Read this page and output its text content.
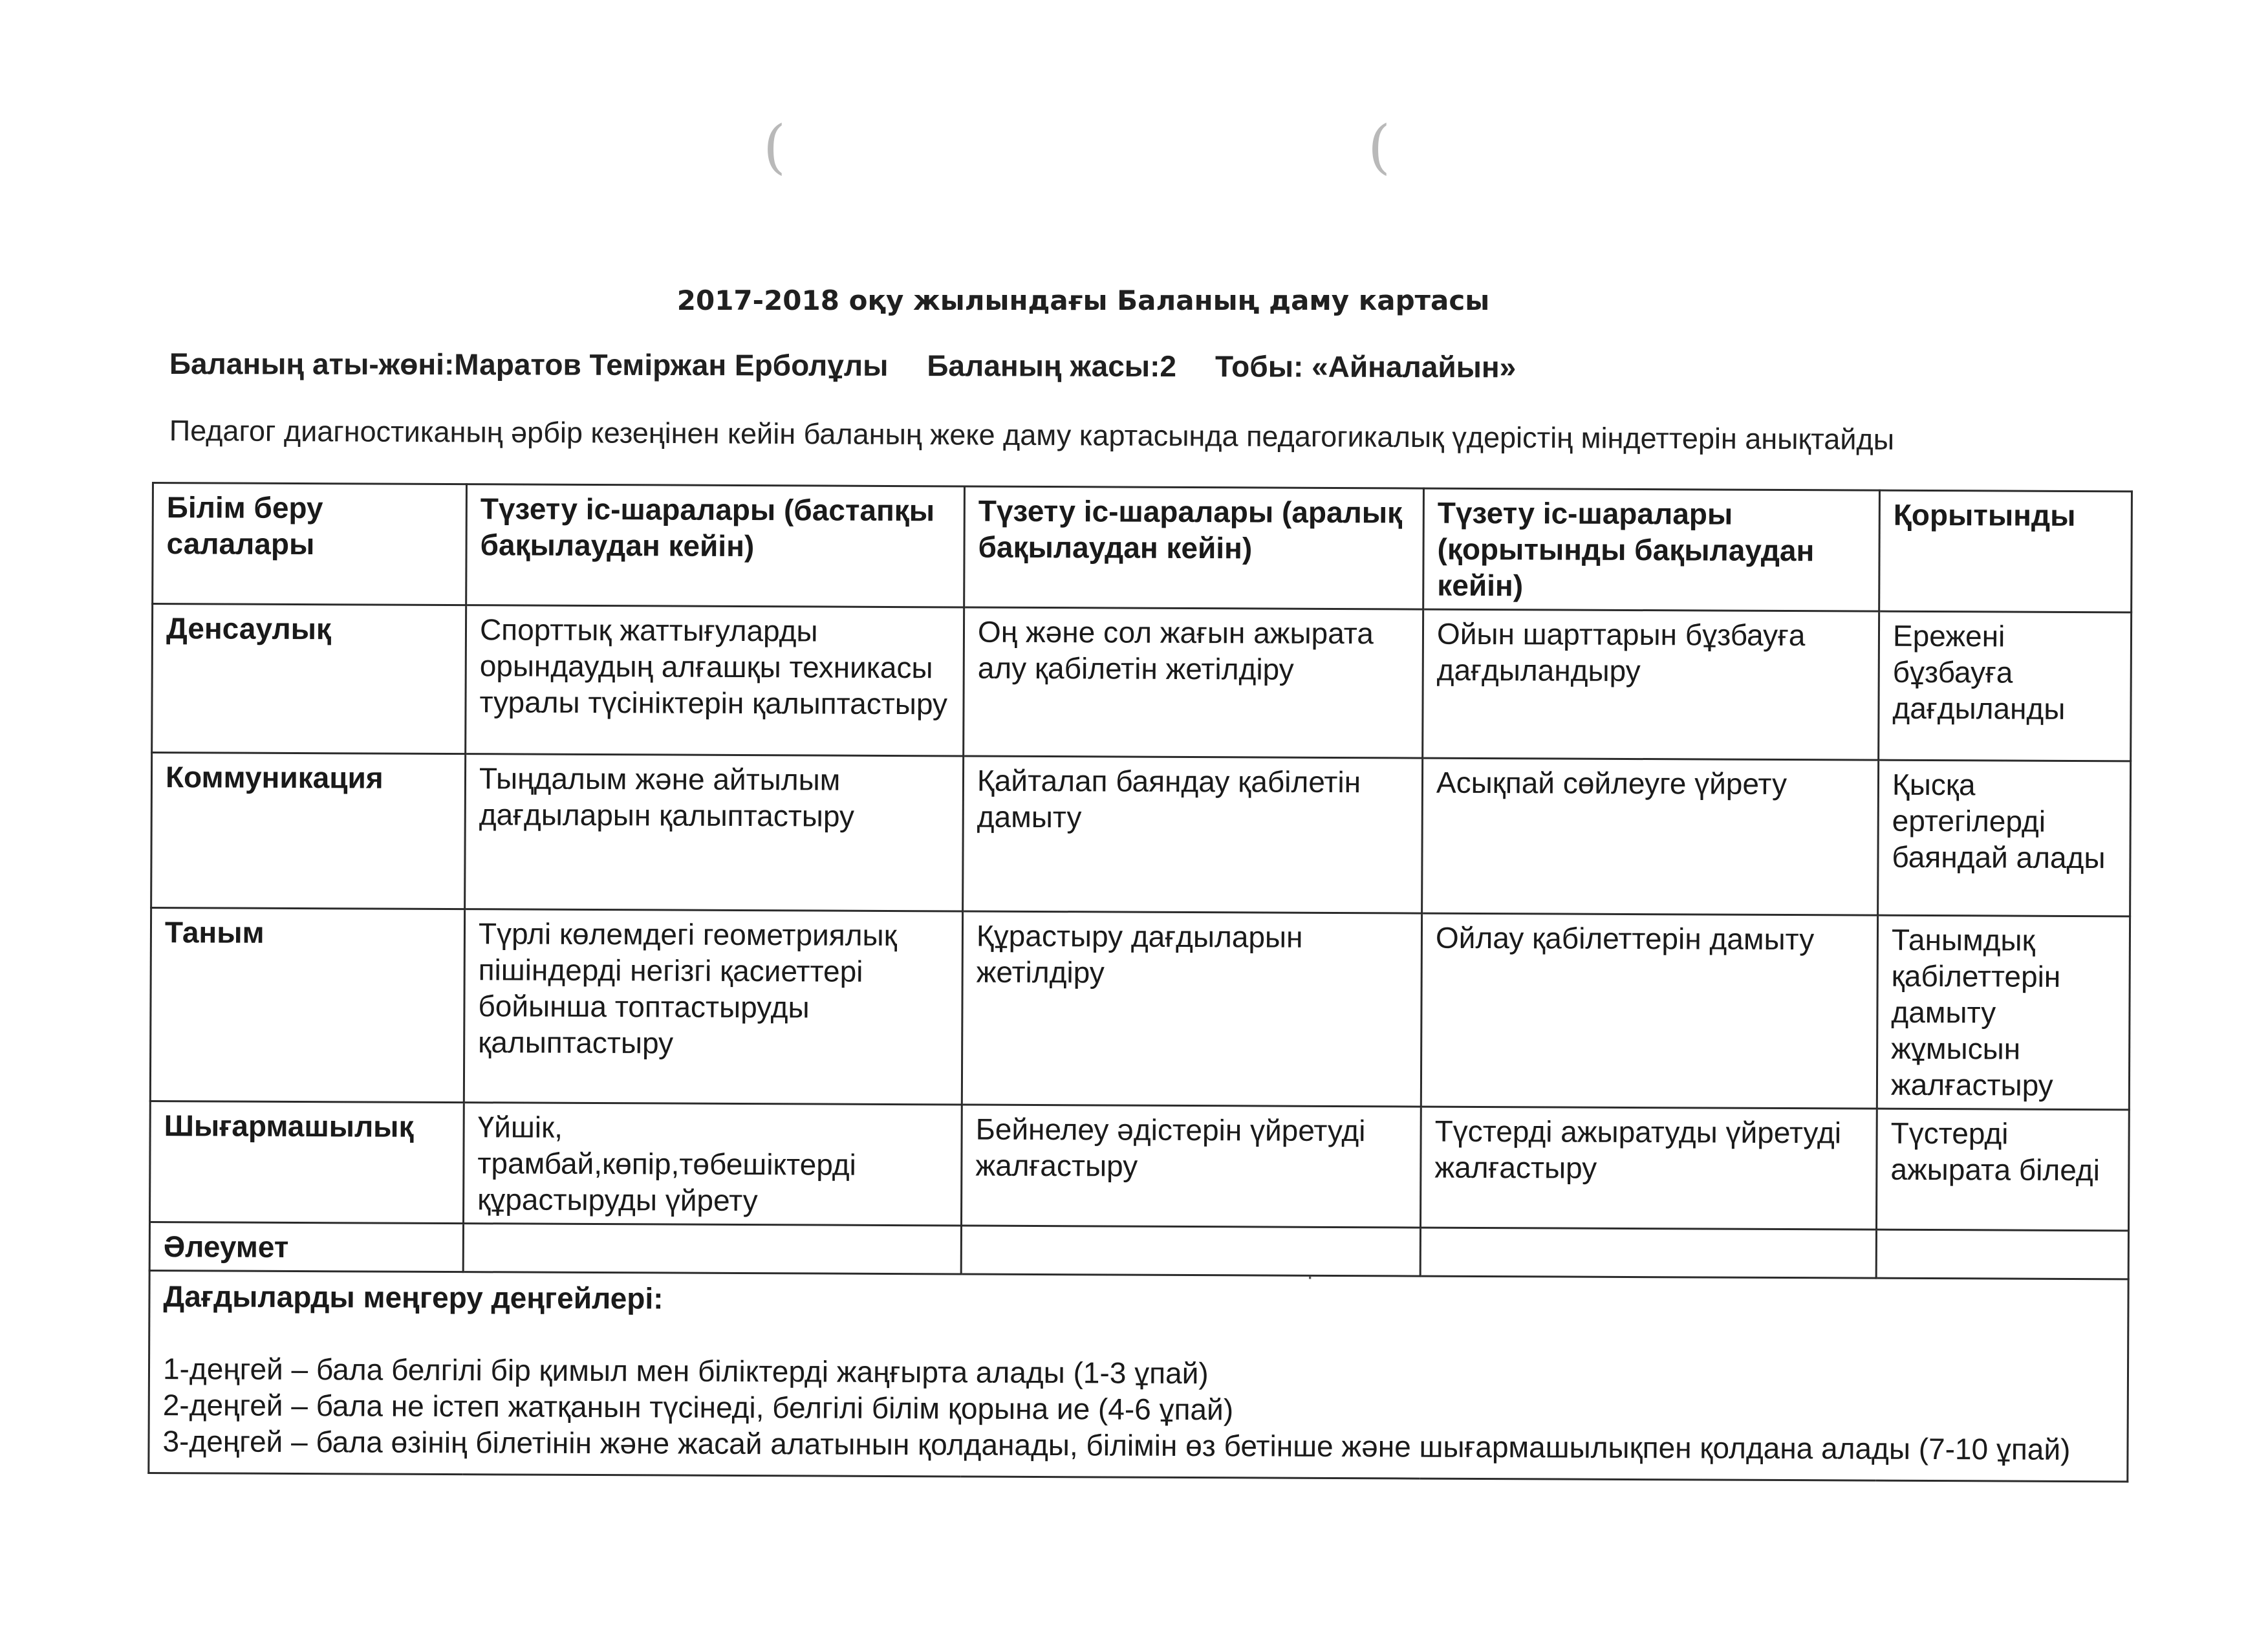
(	(
2017-2018 оқу жылындағы Баланың даму картасы
Баланың аты-жөні:Маратов Теміржан Ерболұлы Баланың жасы:2 Тобы: «Айналайын»
Педагог диагностиканың әрбір кезеңінен кейін баланың жеке даму картасында педагогикалық үдерістің міндеттерін анықтайды
Білім беру салалары	Түзету іс-шаралары (бастапқы бақылаудан кейін)	Түзету іс-шаралары (аралық бақылаудан кейін)	Түзету іс-шаралары (қорытынды бақылаудан кейін)	Қорытынды
Денсаулық	Спорттық жаттығуларды орындаудың алғашқы техникасы туралы түсініктерін қалыптастыру	Оң және сол жағын ажырата алу қабілетін жетілдіру	Ойын шарттарын бұзбауға дағдыландыру	Ережені бұзбауға дағдыланды
Коммуникация	Тыңдалым және айтылым дағдыларын қалыптастыру	Қайталап баяндау қабілетін дамыту	Асықпай сөйлеуге үйрету	Қысқа ертегілерді баяндай алады
Таным	Түрлі көлемдегі геометриялық пішіндерді негізгі қасиеттері бойынша топтастыруды қалыптастыру	Құрастыру дағдыларын жетілдіру	Ойлау қабілеттерін дамыту	Танымдық қабілеттерін дамыту жұмысын жалғастыру
Шығармашылық	Үйшік, трамбай,көпір,төбешіктерді құрастыруды үйрету	Бейнелеу әдістерін үйретуді жалғастыру	Түстерді ажыратуды үйретуді жалғастыру	Түстерді ажырата біледі
Әлеумет				

Дағдыларды меңгеру деңгейлері:
1-деңгей – бала белгілі бір қимыл мен біліктерді жаңғырта алады (1-3 ұпай)
2-деңгей – бала не істеп жатқанын түсінеді, белгілі білім қорына ие (4-6 ұпай)
3-деңгей – бала өзінің білетінін және жасай алатынын қолданады, білімін өз бетінше және шығармашылықпен қолдана алады (7-10 ұпай)				
·
